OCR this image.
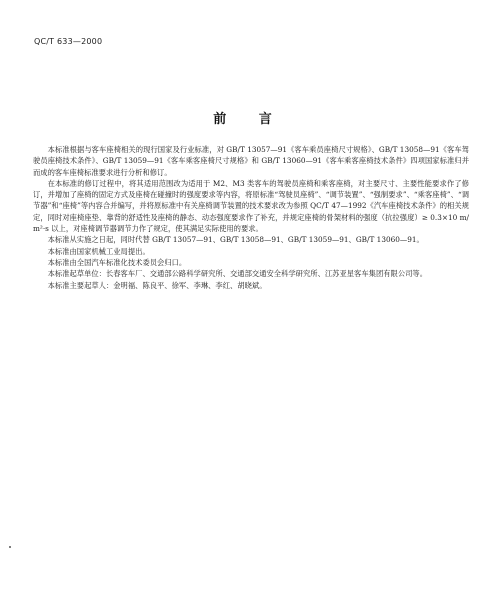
QC/T 633—2000
前 言

本标准根据与客车座椅相关的现行国家及行业标准，对 GB/T 13057—91《客车乘员座椅尺寸规格》、GB/T 13058—91《客车驾驶员座椅技术条件》、GB/T 13059—91《客车乘客座椅尺寸规格》和 GB/T 13060—91《客车乘客座椅技术条件》四项国家标准归并而成的客车座椅标准要求进行分析和修订。

在本标准的修订过程中，将其适用范围改为适用于 M2、M3 类客车的驾驶员座椅和乘客座椅，对主要尺寸、主要性能要求作了修订，并增加了座椅的固定方式及座椅在碰撞时的强度要求等内容，将原标准“驾驶员座椅”、“调节装置”、“强制要求”、“乘客座椅”、“调节器”和“座椅”等内容合并编写，并将原标准中有关座椅调节装置的技术要求改为参照 QC/T 47—1992《汽车座椅技术条件》的相关规定，同时对座椅座垫、靠背的舒适性及座椅的静态、动态强度要求作了补充，并规定座椅的骨架材料的强度（抗拉强度）≥ 0.3×10 m/m²·s 以上，对座椅调节器调节力作了规定，使其满足实际使用的要求。

本标准从实施之日起，同时代替 GB/T 13057—91、GB/T 13058—91、GB/T 13059—91、GB/T 13060—91。

本标准由国家机械工业局提出。

本标准由全国汽车标准化技术委员会归口。

本标准起草单位：长春客车厂、交通部公路科学研究所、交通部交通安全科学研究所、江苏亚星客车集团有限公司等。

本标准主要起草人：金明福、陈良平、徐军、李琳、李红、胡晓斌。
